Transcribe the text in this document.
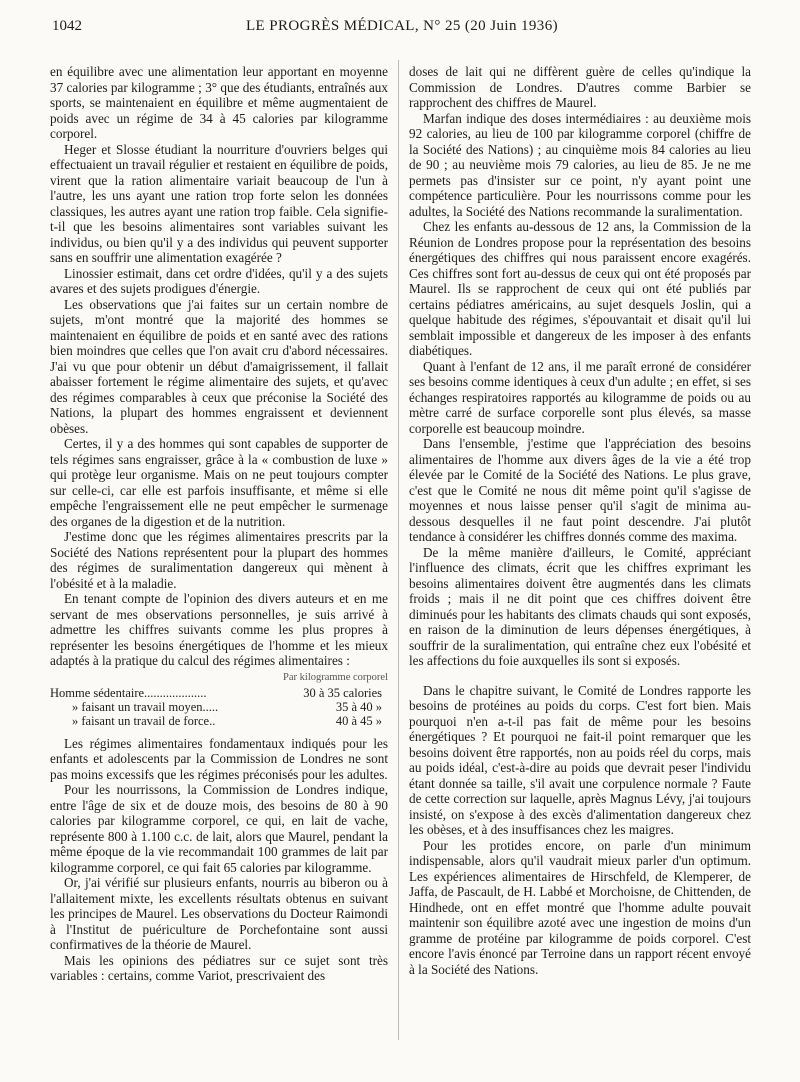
1042	LE PROGRÈS MÉDICAL, N° 25 (20 Juin 1936)

en équilibre avec une alimentation leur apportant en moyenne 37 calories par kilogramme ; 3° que des étudiants, entraînés aux sports, se maintenaient en équilibre et même augmentaient de poids avec un régime de 34 à 45 calories par kilogramme corporel.

Heger et Slosse étudiant la nourriture d'ouvriers belges qui effectuaient un travail régulier et restaient en équilibre de poids, virent que la ration alimentaire variait beaucoup de l'un à l'autre, les uns ayant une ration trop forte selon les données classiques, les autres ayant une ration trop faible. Cela signifie-t-il que les besoins alimentaires sont variables suivant les individus, ou bien qu'il y a des individus qui peuvent supporter sans en souffrir une alimentation exagérée ?

Linossier estimait, dans cet ordre d'idées, qu'il y a des sujets avares et des sujets prodigues d'énergie.

Les observations que j'ai faites sur un certain nombre de sujets, m'ont montré que la majorité des hommes se maintenaient en équilibre de poids et en santé avec des rations bien moindres que celles que l'on avait cru d'abord nécessaires. J'ai vu que pour obtenir un début d'amaigrissement, il fallait abaisser fortement le régime alimentaire des sujets, et qu'avec des régimes comparables à ceux que préconise la Société des Nations, la plupart des hommes engraissent et deviennent obèses.

Certes, il y a des hommes qui sont capables de supporter de tels régimes sans engraisser, grâce à la « combustion de luxe » qui protège leur organisme. Mais on ne peut toujours compter sur celle-ci, car elle est parfois insuffisante, et même si elle empêche l'engraissement elle ne peut empêcher le surmenage des organes de la digestion et de la nutrition.

J'estime donc que les régimes alimentaires prescrits par la Société des Nations représentent pour la plupart des hommes des régimes de suralimentation dangereux qui mènent à l'obésité et à la maladie.

En tenant compte de l'opinion des divers auteurs et en me servant de mes observations personnelles, je suis arrivé à admettre les chiffres suivants comme les plus propres à représenter les besoins énergétiques de l'homme et les mieux adaptés à la pratique du calcul des régimes alimentaires :

Par kilogramme corporel	
Homme sédentaire....................	30 à 35 calories
» faisant un travail moyen.....	35 à 40 »
» faisant un travail de force..	40 à 45 »

Les régimes alimentaires fondamentaux indiqués pour les enfants et adolescents par la Commission de Londres ne sont pas moins excessifs que les régimes préconisés pour les adultes.

Pour les nourrissons, la Commission de Londres indique, entre l'âge de six et de douze mois, des besoins de 80 à 90 calories par kilogramme corporel, ce qui, en lait de vache, représente 800 à 1.100 c.c. de lait, alors que Maurel, pendant la même époque de la vie recommandait 100 grammes de lait par kilogramme corporel, ce qui fait 65 calories par kilogramme.

Or, j'ai vérifié sur plusieurs enfants, nourris au biberon ou à l'allaitement mixte, les excellents résultats obtenus en suivant les principes de Maurel. Les observations du Docteur Raimondi à l'Institut de puériculture de Porchefontaine sont aussi confirmatives de la théorie de Maurel.

Mais les opinions des pédiatres sur ce sujet sont très variables : certains, comme Variot, prescrivaient des

doses de lait qui ne diffèrent guère de celles qu'indique la Commission de Londres. D'autres comme Barbier se rapprochent des chiffres de Maurel.

Marfan indique des doses intermédiaires : au deuxième mois 92 calories, au lieu de 100 par kilogramme corporel (chiffre de la Société des Nations) ; au cinquième mois 84 calories au lieu de 90 ; au neuvième mois 79 calories, au lieu de 85. Je ne me permets pas d'insister sur ce point, n'y ayant point une compétence particulière. Pour les nourrissons comme pour les adultes, la Société des Nations recommande la suralimentation.

Chez les enfants au-dessous de 12 ans, la Commission de la Réunion de Londres propose pour la représentation des besoins énergétiques des chiffres qui nous paraissent encore exagérés. Ces chiffres sont fort au-dessus de ceux qui ont été proposés par Maurel. Ils se rapprochent de ceux qui ont été publiés par certains pédiatres américains, au sujet desquels Joslin, qui a quelque habitude des régimes, s'épouvantait et disait qu'il lui semblait impossible et dangereux de les imposer à des enfants diabétiques.

Quant à l'enfant de 12 ans, il me paraît erroné de considérer ses besoins comme identiques à ceux d'un adulte ; en effet, si ses échanges respiratoires rapportés au kilogramme de poids ou au mètre carré de surface corporelle sont plus élevés, sa masse corporelle est beaucoup moindre.

Dans l'ensemble, j'estime que l'appréciation des besoins alimentaires de l'homme aux divers âges de la vie a été trop élevée par le Comité de la Société des Nations. Le plus grave, c'est que le Comité ne nous dit même point qu'il s'agisse de moyennes et nous laisse penser qu'il s'agit de minima au-dessous desquelles il ne faut point descendre. J'ai plutôt tendance à considérer les chiffres donnés comme des maxima.

De la même manière d'ailleurs, le Comité, appréciant l'influence des climats, écrit que les chiffres exprimant les besoins alimentaires doivent être augmentés dans les climats froids ; mais il ne dit point que ces chiffres doivent être diminués pour les habitants des climats chauds qui sont exposés, en raison de la diminution de leurs dépenses énergétiques, à souffrir de la suralimentation, qui entraîne chez eux l'obésité et les affections du foie auxquelles ils sont si exposés.

Dans le chapitre suivant, le Comité de Londres rapporte les besoins de protéines au poids du corps. C'est fort bien. Mais pourquoi n'en a-t-il pas fait de même pour les besoins énergétiques ? Et pourquoi ne fait-il point remarquer que les besoins doivent être rapportés, non au poids réel du corps, mais au poids idéal, c'est-à-dire au poids que devrait peser l'individu étant donnée sa taille, s'il avait une corpulence normale ? Faute de cette correction sur laquelle, après Magnus Lévy, j'ai toujours insisté, on s'expose à des excès d'alimentation dangereux chez les obèses, et à des insuffisances chez les maigres.

Pour les protides encore, on parle d'un minimum indispensable, alors qu'il vaudrait mieux parler d'un optimum. Les expériences alimentaires de Hirschfeld, de Klemperer, de Jaffa, de Pascault, de H. Labbé et Morchoisne, de Chittenden, de Hindhede, ont en effet montré que l'homme adulte pouvait maintenir son équilibre azoté avec une ingestion de moins d'un gramme de protéine par kilogramme de poids corporel. C'est encore l'avis énoncé par Terroine dans un rapport récent envoyé à la Société des Nations.
